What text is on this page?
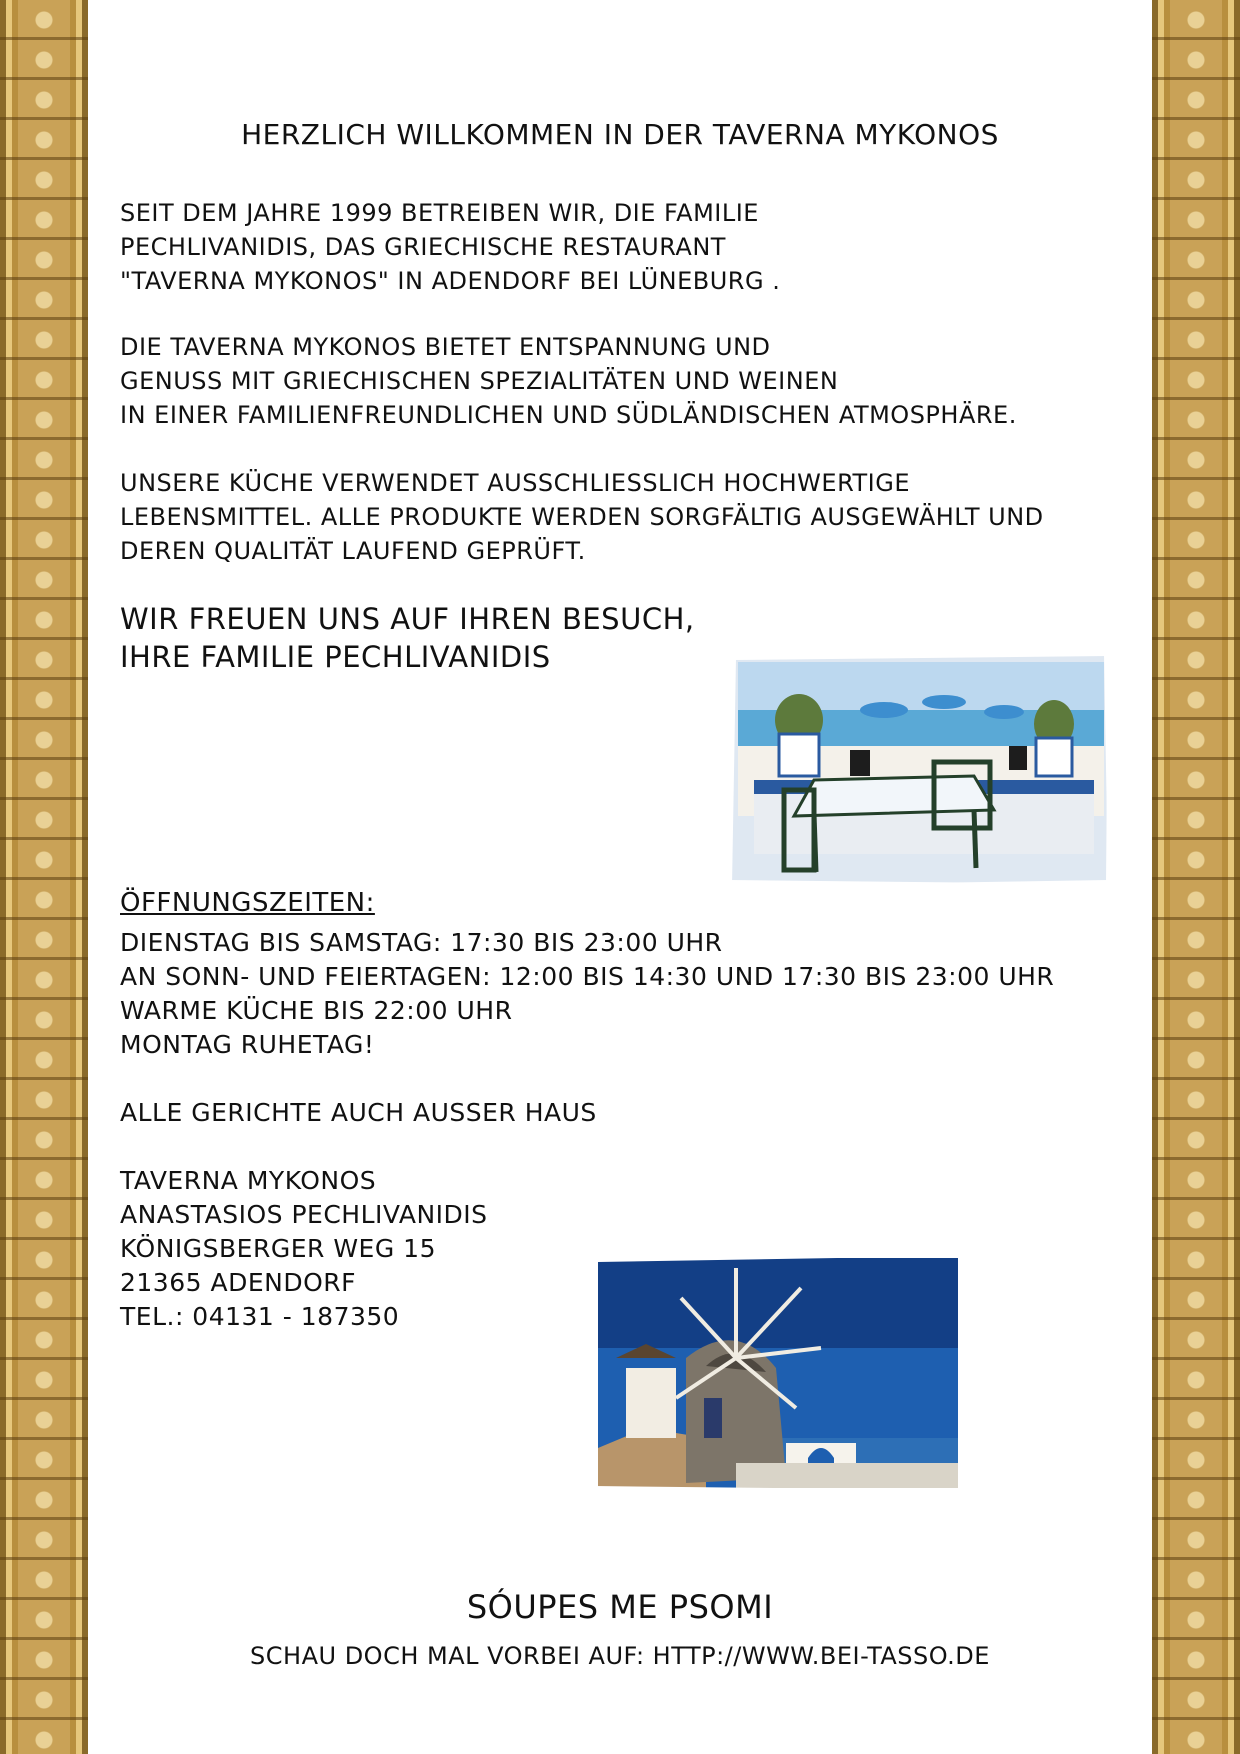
HERZLICH WILLKOMMEN IN DER TAVERNA MYKONOS
SEIT DEM JAHRE 1999 BETREIBEN WIR, DIE FAMILIE
PECHLIVANIDIS, DAS GRIECHISCHE RESTAURANT
"TAVERNA MYKONOS" IN ADENDORF BEI LÜNEBURG .
DIE TAVERNA MYKONOS BIETET ENTSPANNUNG UND
GENUSS MIT GRIECHISCHEN SPEZIALITÄTEN UND WEINEN
IN EINER FAMILIENFREUNDLICHEN UND SÜDLÄNDISCHEN ATMOSPHÄRE.
UNSERE KÜCHE VERWENDET AUSSCHLIESSLICH HOCHWERTIGE
LEBENSMITTEL. ALLE PRODUKTE WERDEN SORGFÄLTIG AUSGEWÄHLT UND
DEREN QUALITÄT LAUFEND GEPRÜFT.
WIR FREUEN UNS AUF IHREN BESUCH,
IHRE FAMILIE PECHLIVANIDIS
ÖFFNUNGSZEITEN:
DIENSTAG BIS SAMSTAG: 17:30 BIS 23:00 UHR
AN SONN- UND FEIERTAGEN: 12:00 BIS 14:30 UND 17:30 BIS 23:00 UHR
WARME KÜCHE BIS 22:00 UHR
MONTAG RUHETAG!
ALLE GERICHTE AUCH AUSSER HAUS
TAVERNA MYKONOS
ANASTASIOS PECHLIVANIDIS
KÖNIGSBERGER WEG 15
21365 ADENDORF
TEL.: 04131 - 187350
SÓUPES ME PSOMI
SCHAU DOCH MAL VORBEI AUF: HTTP://WWW.BEI-TASSO.DE
